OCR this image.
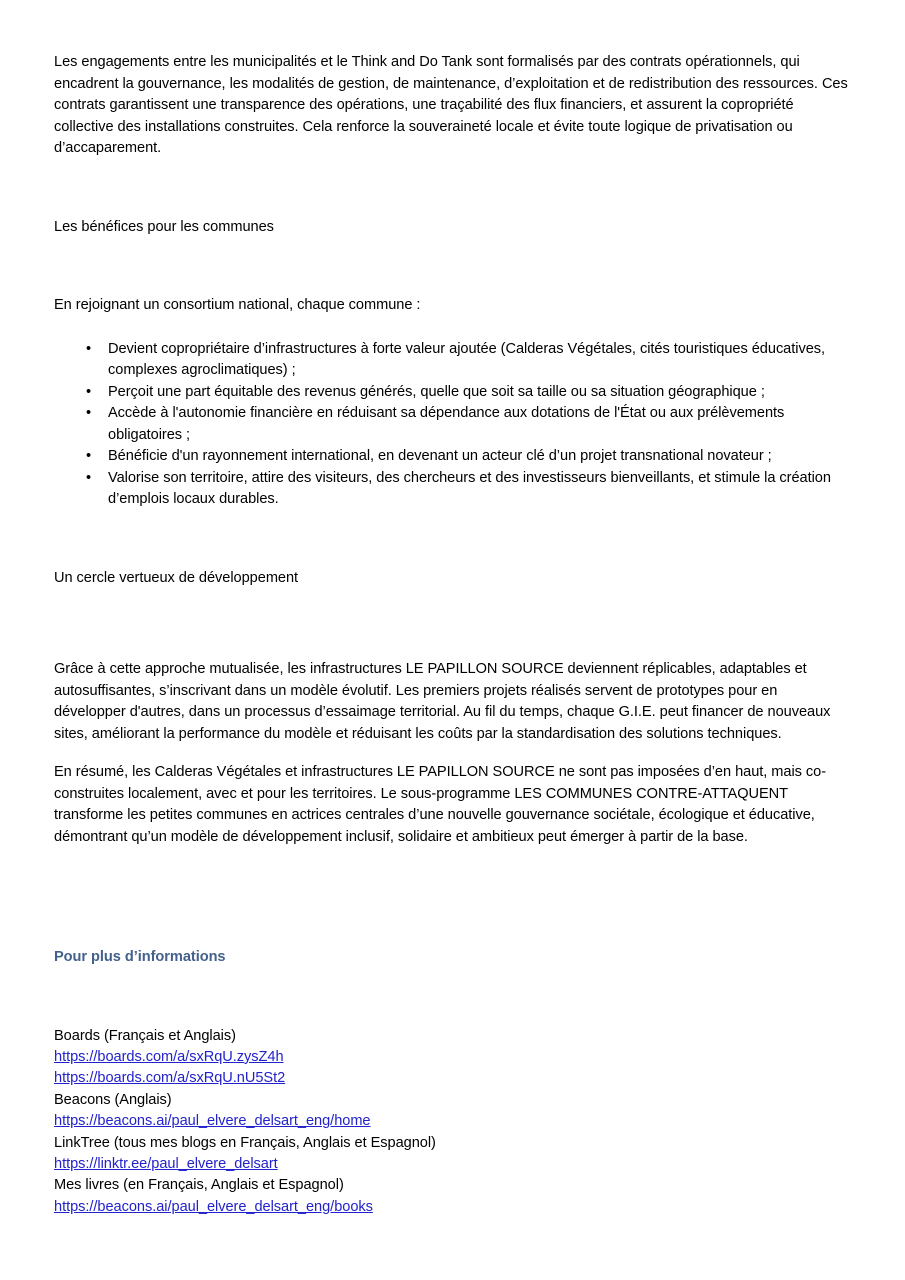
Les engagements entre les municipalités et le Think and Do Tank sont formalisés par des contrats opérationnels, qui encadrent la gouvernance, les modalités de gestion, de maintenance, d’exploitation et de redistribution des ressources. Ces contrats garantissent une transparence des opérations, une traçabilité des flux financiers, et assurent la copropriété collective des installations construites. Cela renforce la souveraineté locale et évite toute logique de privatisation ou d’accaparement.

Les bénéfices pour les communes

En rejoignant un consortium national, chaque commune :

•	Devient copropriétaire d’infrastructures à forte valeur ajoutée (Calderas Végétales, cités touristiques éducatives, complexes agroclimatiques) ;
•	Perçoit une part équitable des revenus générés, quelle que soit sa taille ou sa situation géographique ;
•	Accède à l'autonomie financière en réduisant sa dépendance aux dotations de l'État ou aux prélèvements obligatoires ;
•	Bénéficie d'un rayonnement international, en devenant un acteur clé d’un projet transnational novateur ;
•	Valorise son territoire, attire des visiteurs, des chercheurs et des investisseurs bienveillants, et stimule la création d’emplois locaux durables.
Un cercle vertueux de développement

Grâce à cette approche mutualisée, les infrastructures LE PAPILLON SOURCE deviennent réplicables, adaptables et autosuffisantes, s’inscrivant dans un modèle évolutif. Les premiers projets réalisés servent de prototypes pour en développer d'autres, dans un processus d’essaimage territorial. Au fil du temps, chaque G.I.E. peut financer de nouveaux sites, améliorant la performance du modèle et réduisant les coûts par la standardisation des solutions techniques.

En résumé, les Calderas Végétales et infrastructures LE PAPILLON SOURCE ne sont pas imposées d’en haut, mais co-construites localement, avec et pour les territoires. Le sous-programme LES COMMUNES CONTRE-ATTAQUENT transforme les petites communes en actrices centrales d’une nouvelle gouvernance sociétale, écologique et éducative, démontrant qu’un modèle de développement inclusif, solidaire et ambitieux peut émerger à partir de la base.

Pour plus d’informations
Boards (Français et Anglais)
https://boards.com/a/sxRqU.zysZ4h
https://boards.com/a/sxRqU.nU5St2
Beacons (Anglais)
https://beacons.ai/paul_elvere_delsart_eng/home
LinkTree (tous mes blogs en Français, Anglais et Espagnol)
https://linktr.ee/paul_elvere_delsart
Mes livres (en Français, Anglais et Espagnol)
https://beacons.ai/paul_elvere_delsart_eng/books
